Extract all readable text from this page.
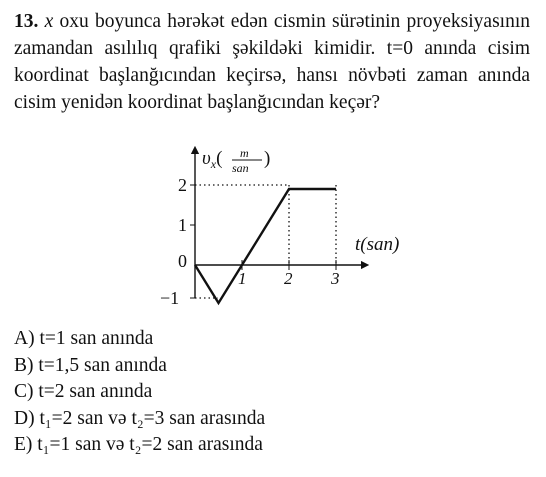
13. x oxu boyunca hərəkət edən cismin sürətinin proyeksiyasının zamandan asılılıq qrafiki şəkildəki kimidir. t=0 anında cisim koordinat başlanğıcından keçirsə, hansı növbəti zaman anında cisim yenidən koordinat başlanğıcından keçər?
$\upsilon_x$( m
san )
2
1
0
−1
1 2 3
t(san)
A) t=1 san anında
B) t=1,5 san anında
C) t=2 san anında
D) t₁=2 san və t₂=3 san arasında
E) t₁=1 san və t₂=2 san arasında
